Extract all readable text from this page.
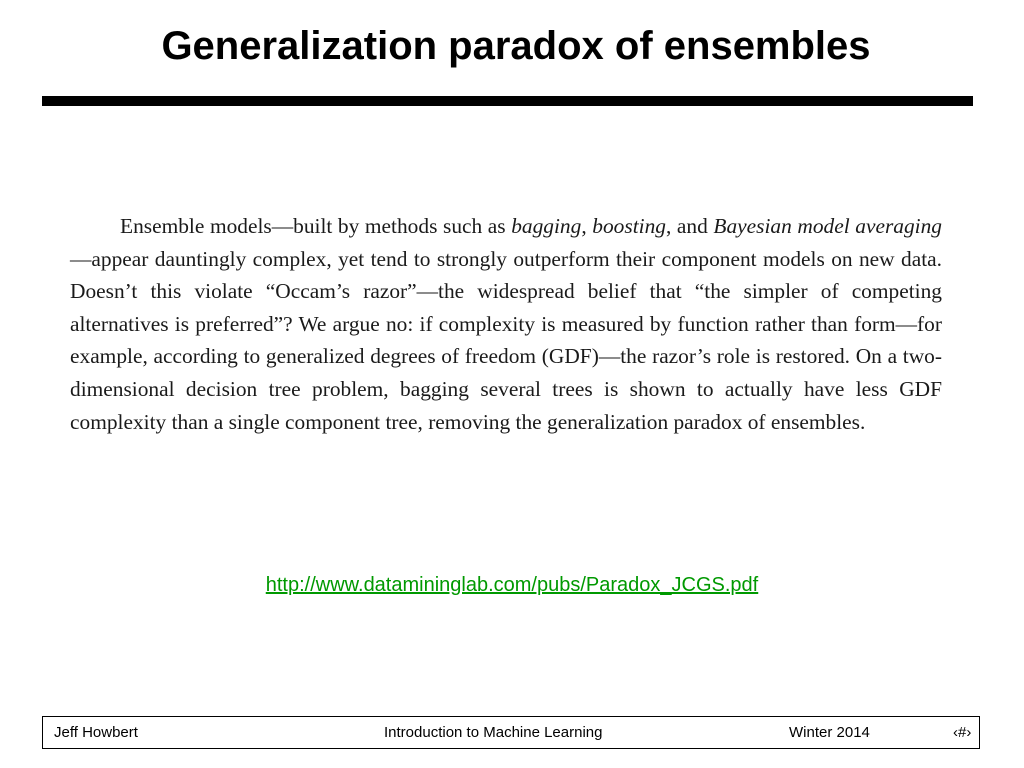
Generalization paradox of ensembles

Ensemble models—built by methods such as bagging, boosting, and Bayesian model averaging—appear dauntingly complex, yet tend to strongly outperform their component models on new data. Doesn’t this violate “Occam’s razor”—the widespread belief that “the simpler of competing alternatives is preferred”? We argue no: if complexity is measured by function rather than form—for example, according to generalized degrees of freedom (GDF)—the razor’s role is restored. On a two-dimensional decision tree problem, bagging several trees is shown to actually have less GDF complexity than a single component tree, removing the generalization paradox of ensembles.

http://www.datamininglab.com/pubs/Paradox_JCGS.pdf
Jeff Howbert	Introduction to Machine Learning	Winter 2014	‹#›
